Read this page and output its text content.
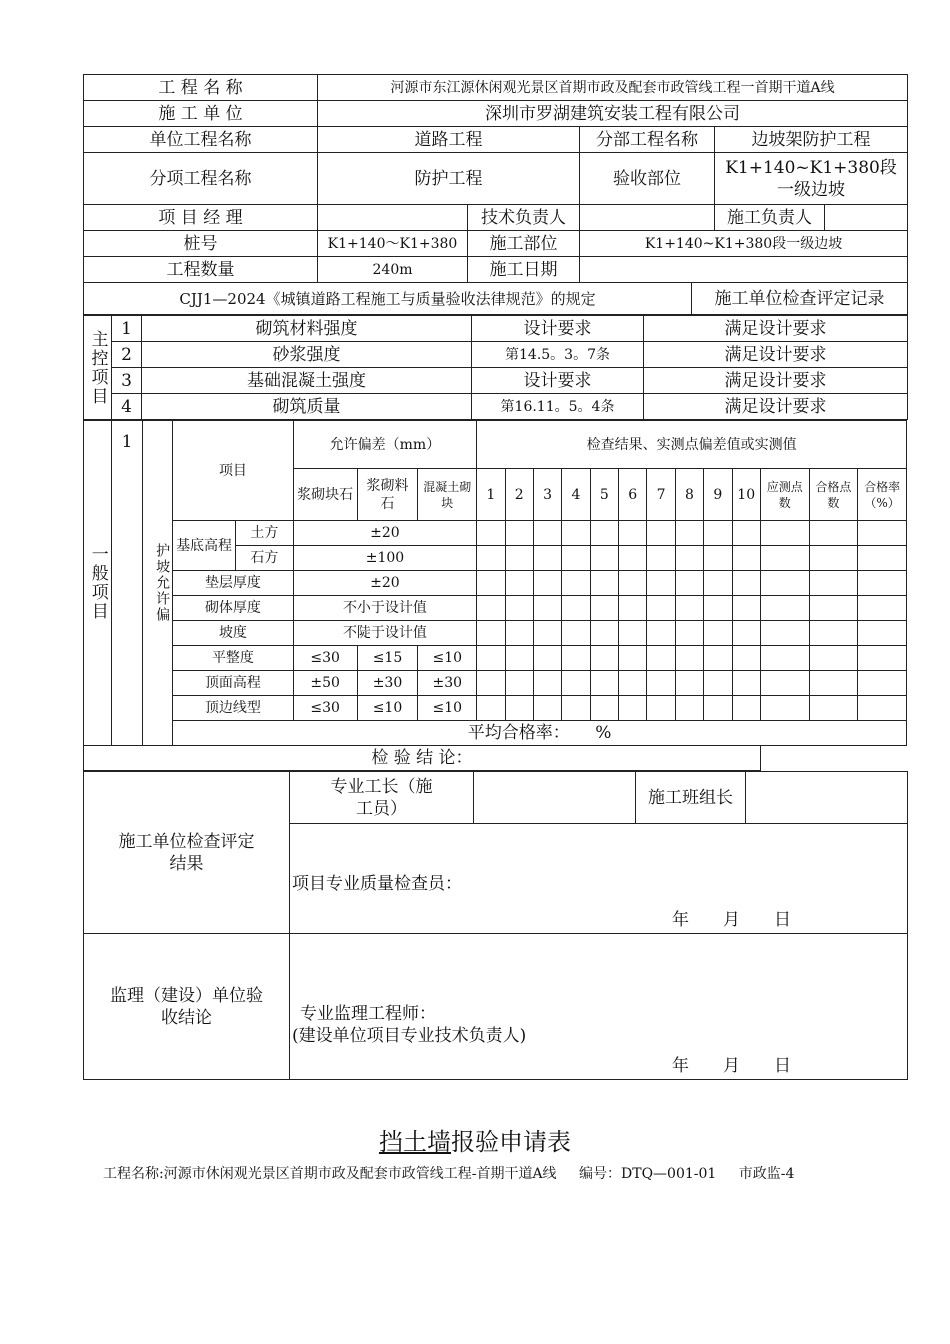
工 程 名 称	河源市东江源休闲观光景区首期市政及配套市政管线工程一首期干道A线					
施 工 单 位	深圳市罗湖建筑安装工程有限公司					
单位工程名称	道路工程		分部工程名称		边坡架防护工程	
分项工程名称	防护工程		验收部位		K1+140~K1+380段一级边坡	
项 目 经 理		技术负责人			施工负责人	
桩号	K1+140～K1+380	施工部位	K1+140~K1+380段一级边坡			
工程数量	240m	施工日期				
CJJ1—2024《城镇道路工程施工与质量验收法律规范》的规定				施工单位检查评定记录		
主控项目	1	砌筑材料强度	设计要求	满足设计要求
	2	砂浆强度	第14.5。3。7条	满足设计要求
	3	基础混凝土强度	设计要求	满足设计要求
	4	砌筑质量	第16.11。5。4条	满足设计要求
一般项目	1	护坡允许偏	项目		允许偏差（mm）			检查结果、实测点偏差值或实测值												
					浆砌块石	浆砌料石	混凝土砌块	1	2	3	4	5	6	7	8	9	10	应测点数	合格点数	合格率（%）
			基底高程	土方	±20															
				石方	±100															
			垫层厚度		±20															
			砌体厚度		不小于设计值															
			坡度		不陡于设计值															
			平整度		≤30	≤15	≤10													
			顶面高程		±50	±30	±30													
			顶边线型		≤30	≤10	≤10													
			平均合格率：　　%																	
检 验 结 论：																				
施工单位检查评定结果	专业工长（施工员）		施工班组长	

	项目专业质量检查员：
年　　月　　日			

监理（建设）单位验收结论	专业监理工程师：
(建设单位项目专业技术负责人)
年　　月　　日			
挡土墙报验申请表
工程名称:河源市休闲观光景区首期市政及配套市政管线工程-首期干道A线 编号：DTQ—001-01 市政监-4
